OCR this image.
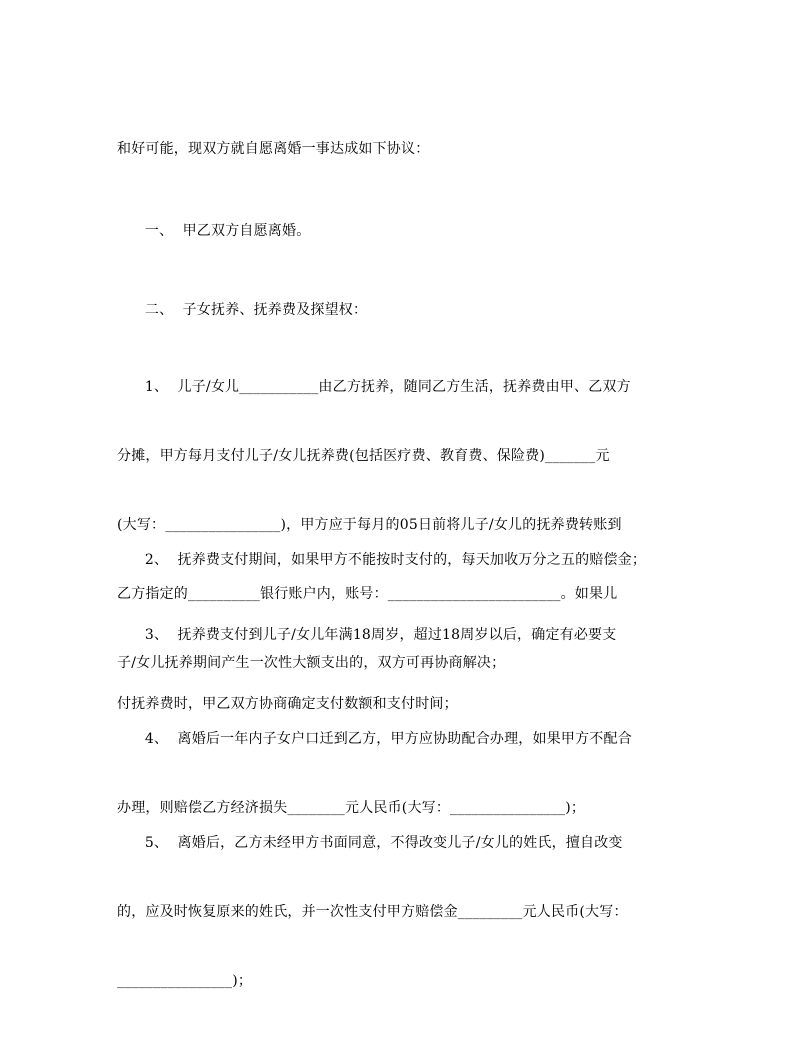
和好可能，现双方就自愿离婚一事达成如下协议：

一、  甲乙双方自愿离婚。

二、  子女抚养、抚养费及探望权：

1、  儿子/女儿___________由乙方抚养，随同乙方生活，抚养费由甲、乙双方

分摊，甲方每月支付儿子/女儿抚养费(包括医疗费、教育费、保险费)_______元

(大写：________________)，甲方应于每月的05日前将儿子/女儿的抚养费转账到

乙方指定的__________银行账户内，账号：________________________。如果儿

子/女儿抚养期间产生一次性大额支出的，双方可再协商解决；

2、  抚养费支付期间，如果甲方不能按时支付的，每天加收万分之五的赔偿金；

3、  抚养费支付到儿子/女儿年满18周岁，超过18周岁以后，确定有必要支

付抚养费时，甲乙双方协商确定支付数额和支付时间；

4、  离婚后一年内子女户口迁到乙方，甲方应协助配合办理，如果甲方不配合

办理，则赔偿乙方经济损失________元人民币(大写：________________)；

5、  离婚后，乙方未经甲方书面同意，不得改变儿子/女儿的姓氏，擅自改变

的，应及时恢复原来的姓氏，并一次性支付甲方赔偿金_________元人民币(大写：

________________)；
